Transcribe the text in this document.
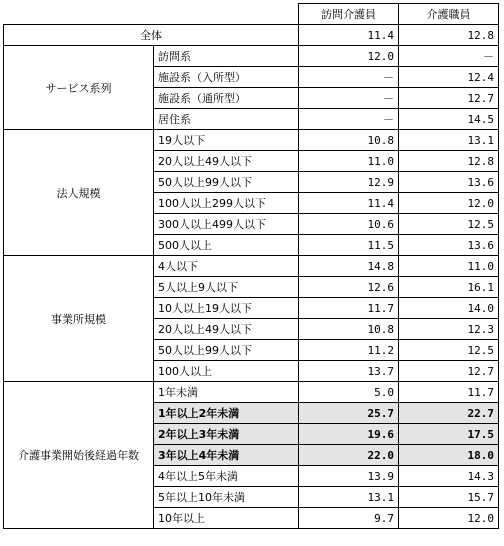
		訪問介護員	介護職員
全体		11.4	12.8
サービス系列	訪問系	12.0	－
	施設系（入所型）	－	12.4
	施設系（通所型）	－	12.7
	居住系	－	14.5
法人規模	19人以下	10.8	13.1
	20人以上49人以下	11.0	12.8
	50人以上99人以下	12.9	13.6
	100人以上299人以下	11.4	12.0
	300人以上499人以下	10.6	12.5
	500人以上	11.5	13.6
事業所規模	4人以下	14.8	11.0
	5人以上9人以下	12.6	16.1
	10人以上19人以下	11.7	14.0
	20人以上49人以下	10.8	12.3
	50人以上99人以下	11.2	12.5
	100人以上	13.7	12.7
介護事業開始後経過年数	1年未満	5.0	11.7
	1年以上2年未満	25.7	22.7
	2年以上3年未満	19.6	17.5
	3年以上4年未満	22.0	18.0
	4年以上5年未満	13.9	14.3
	5年以上10年未満	13.1	15.7
	10年以上	9.7	12.0
